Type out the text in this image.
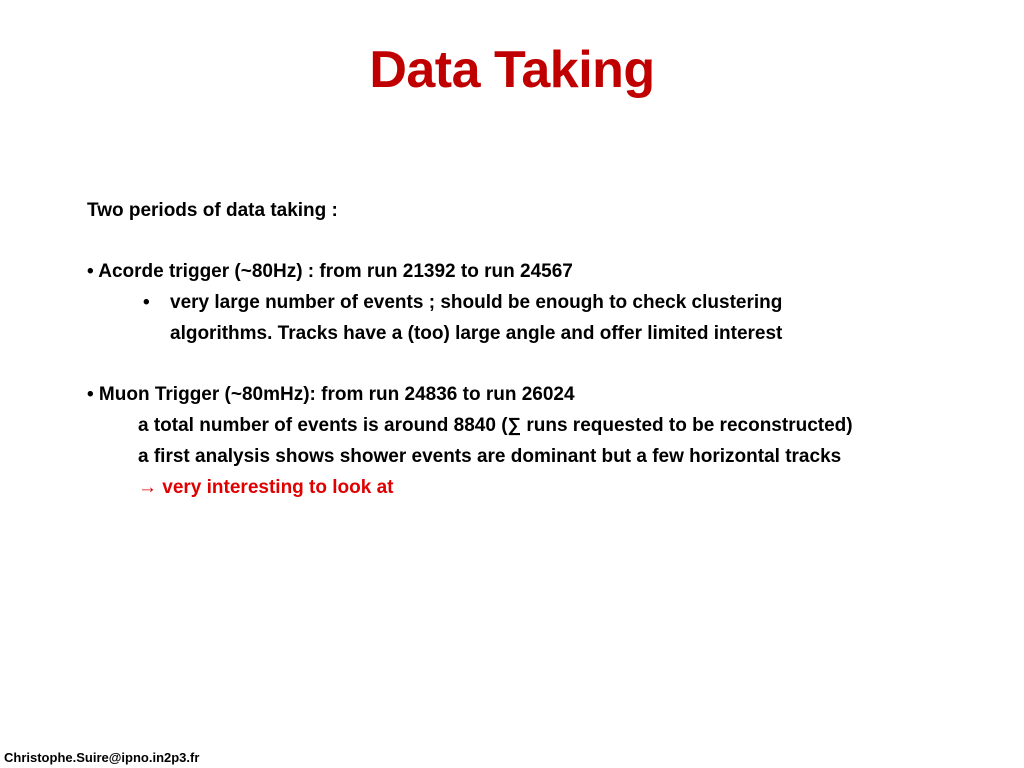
Data Taking
Two periods of data taking :
• Acorde trigger (~80Hz) : from run 21392 to run 24567
• very large number of events ; should be enough to check clustering
algorithms. Tracks have a (too) large angle and offer limited interest
• Muon Trigger (~80mHz): from run 24836 to run 26024
a total number of events is around 8840 (∑ runs requested to be reconstructed)
a first analysis shows shower events are dominant but a few horizontal tracks
→ very interesting to look at
Christophe.Suire@ipno.in2p3.fr
